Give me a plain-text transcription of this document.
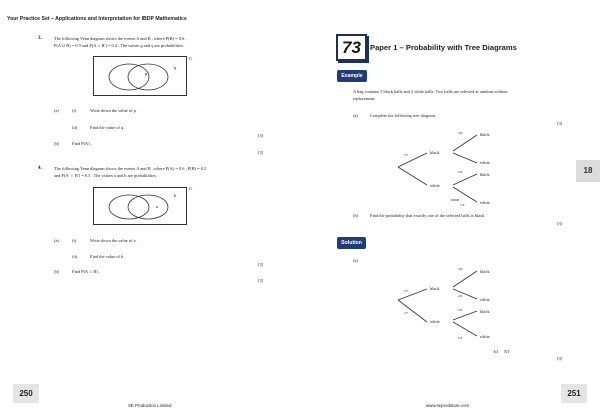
Your Practice Set – Applications and Interpretation for IBDP Mathematics
3.	The following Venn diagram shows the events A and B , where P(B) = 0.6 ,
P(A ∪ B) = 0.9 and P(A ∩ B′) = 0.4 . The values p and q are probabilities.
p
q
U
(a)	(i)	Write down the value of p .
(ii)	Find the value of q .
[3]
(b)	Find P(A) .
[3]
4.	The following Venn diagram shows the events A and B , where P(A) = 0.6 , P(B) = 0.2
and P(A′ ∩ B′) = 0.3 . The values a and b are probabilities.
a
b
U
(a)	(i)	Write down the value of a .
(ii)	Find the value of b .
[3]
(b)	Find P(A ∩ B) .
[3]
250
SE Production Limited
73	Paper 1 – Probability with Tree Diagrams
Example
A bag contains 5 black balls and 2 white balls. Two balls are selected at random without
replacement.
(a)	Complete the following tree diagram.
[3]
black
white
black
white
black
white
5/7
4/6
5/6
1/6
(b)	Find the probability that exactly one of the selected balls is black.
[3]
Solution
(a)
black
white
black
white
black
white
5/7
2/7
4/6
2/6
5/6
1/6
A3     N3
[3]
18
251
www.seprodstore.com
